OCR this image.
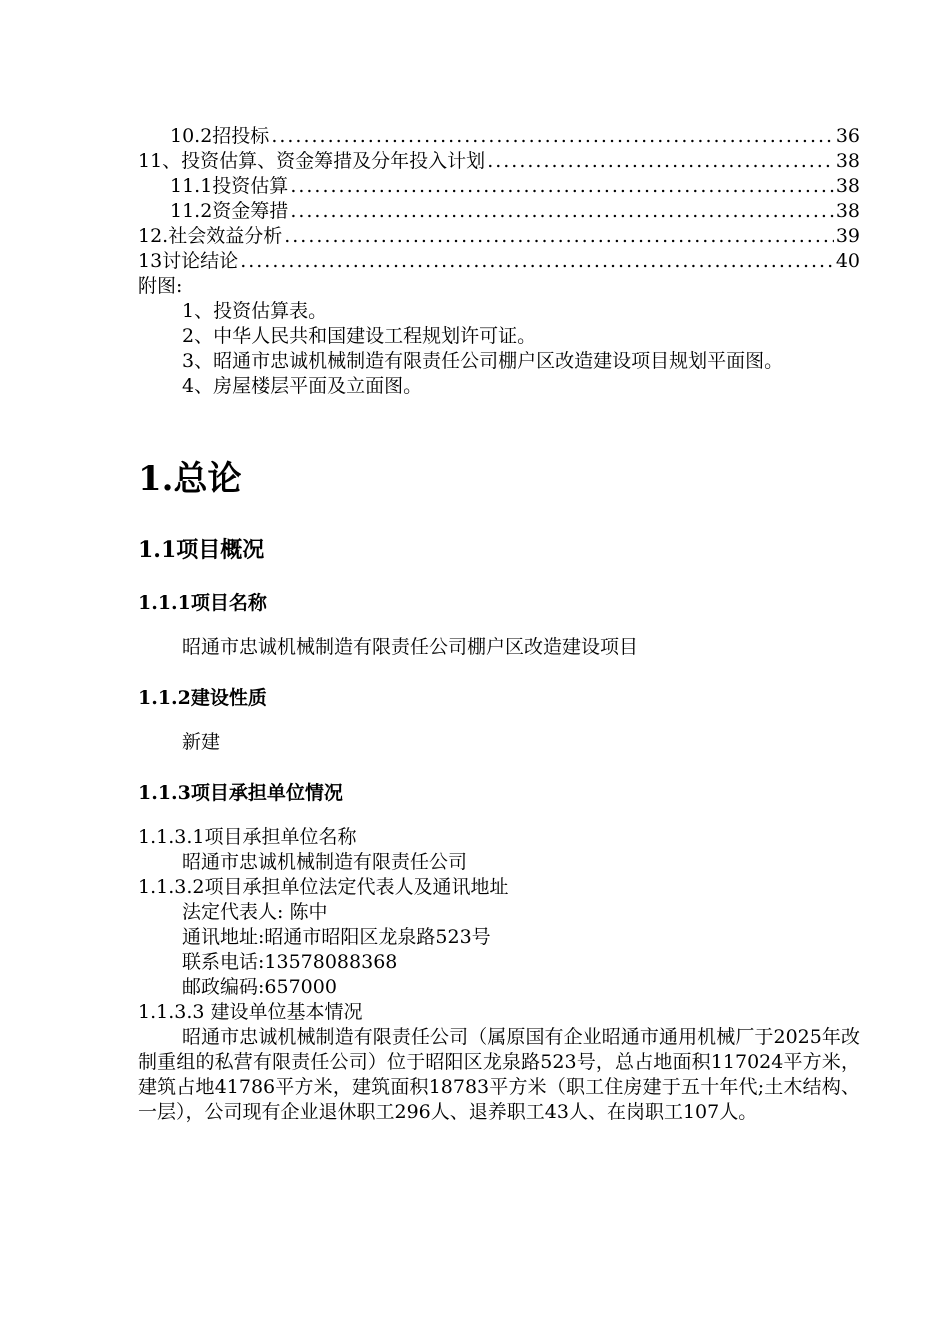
10.2招投标 .....	36
11、投资估算、资金筹措及分年投入计划 .....	38
11.1投资估算 .....	38
11.2资金筹措 .....	38
12.社会效益分析 .....	39
13讨论结论 .....	40
附图:
1、投资估算表。
2、中华人民共和国建设工程规划许可证。
3、昭通市忠诚机械制造有限责任公司棚户区改造建设项目规划平面图。
4、房屋楼层平面及立面图。
1.总论
1.1项目概况
1.1.1项目名称
昭通市忠诚机械制造有限责任公司棚户区改造建设项目
1.1.2建设性质
新建
1.1.3项目承担单位情况
1.1.3.1项目承担单位名称
昭通市忠诚机械制造有限责任公司
1.1.3.2项目承担单位法定代表人及通讯地址
法定代表人: 陈中
通讯地址:昭通市昭阳区龙泉路523号
联系电话:13578088368
邮政编码:657000
1.1.3.3 建设单位基本情况
昭通市忠诚机械制造有限责任公司（属原国有企业昭通市通用机械厂于2025年改制重组的私营有限责任公司）位于昭阳区龙泉路523号，总占地面积117024平方米，建筑占地41786平方米，建筑面积18783平方米（职工住房建于五十年代;土木结构、一层），公司现有企业退休职工296人、退养职工43人、在岗职工107人。
